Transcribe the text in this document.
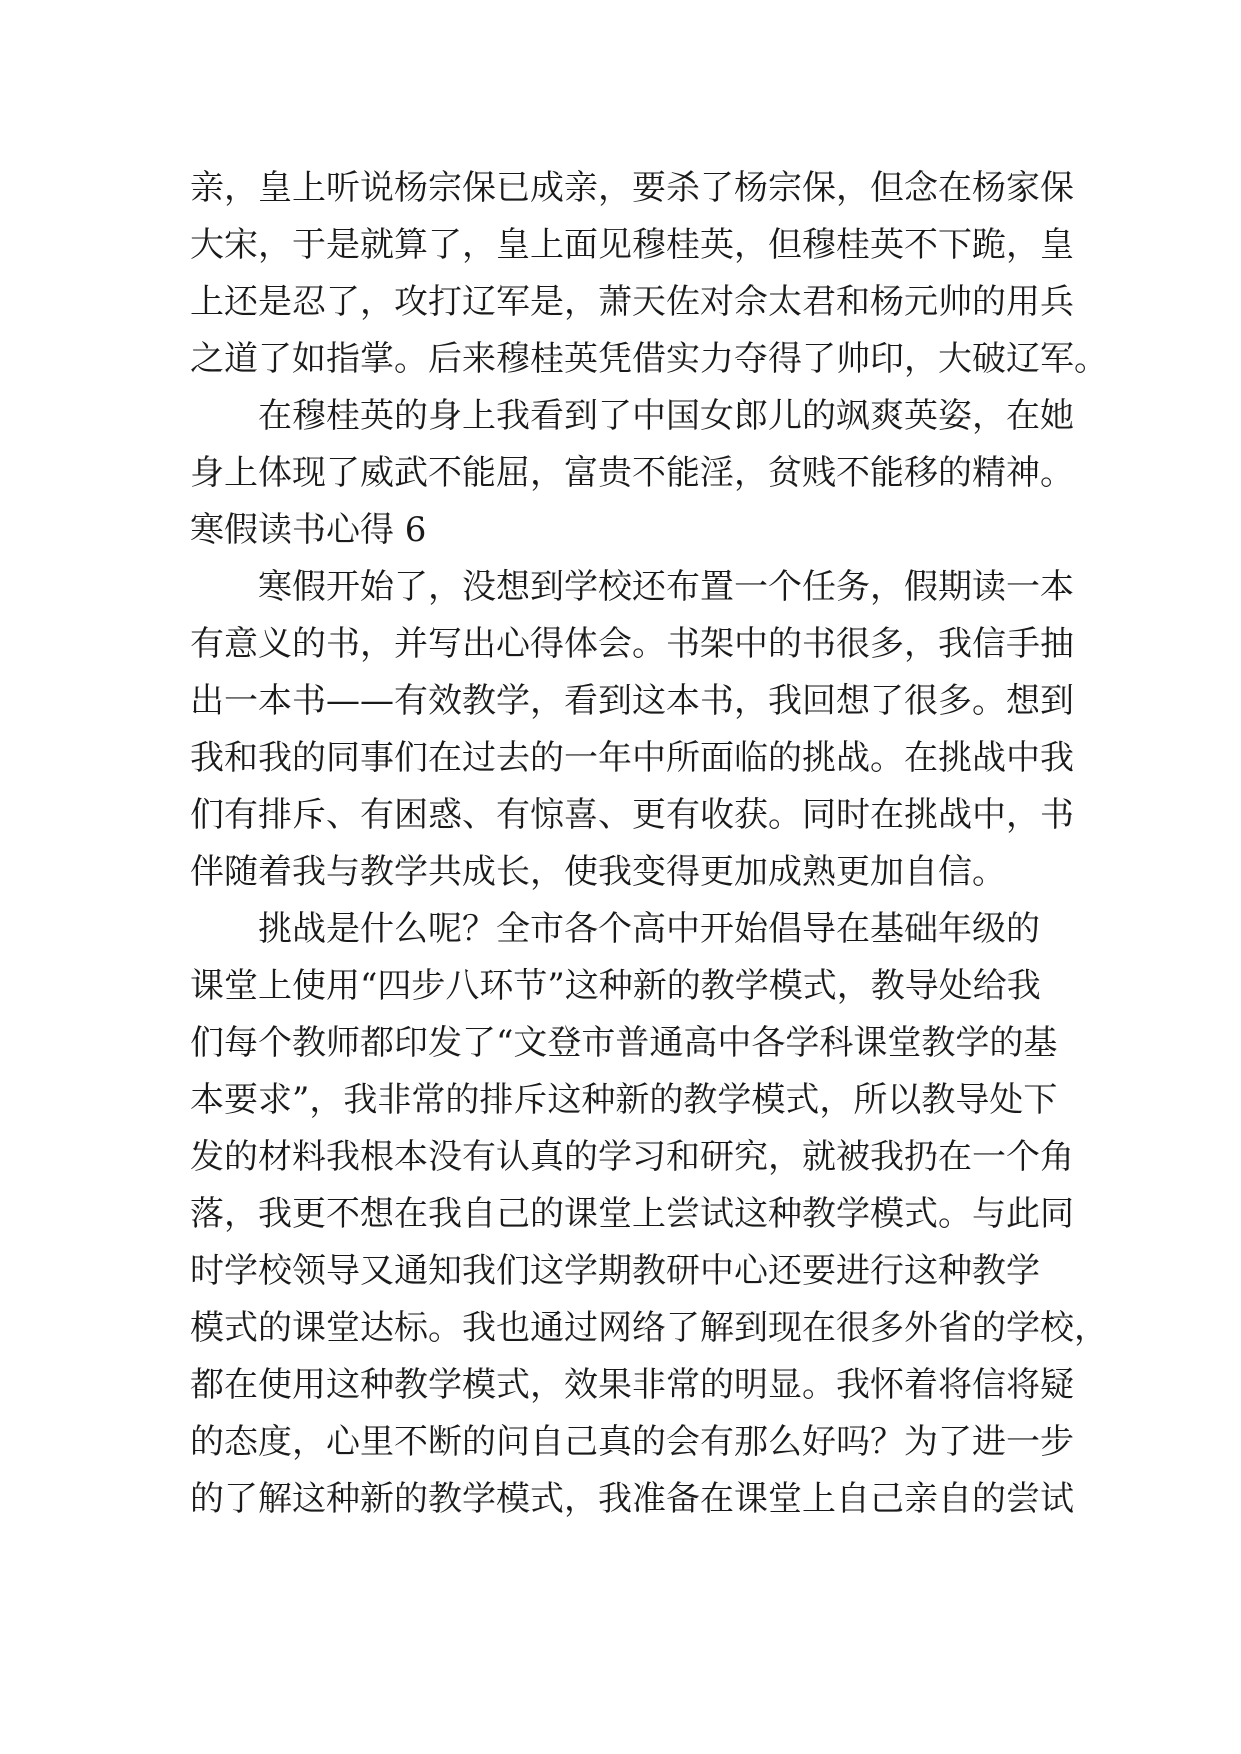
亲，皇上听说杨宗保已成亲，要杀了杨宗保，但念在杨家保
大宋，于是就算了，皇上面见穆桂英，但穆桂英不下跪，皇
上还是忍了，攻打辽军是，萧天佐对佘太君和杨元帅的用兵
之道了如指掌。后来穆桂英凭借实力夺得了帅印，大破辽军。
　　在穆桂英的身上我看到了中国女郎儿的飒爽英姿，在她
身上体现了威武不能屈，富贵不能淫，贫贱不能移的精神。
寒假读书心得 6
　　寒假开始了，没想到学校还布置一个任务，假期读一本
有意义的书，并写出心得体会。书架中的书很多，我信手抽
出一本书——有效教学，看到这本书，我回想了很多。想到
我和我的同事们在过去的一年中所面临的挑战。在挑战中我
们有排斥、有困惑、有惊喜、更有收获。同时在挑战中，书
伴随着我与教学共成长，使我变得更加成熟更加自信。
　　挑战是什么呢？全市各个高中开始倡导在基础年级的
课堂上使用“四步八环节”这种新的教学模式，教导处给我
们每个教师都印发了“文登市普通高中各学科课堂教学的基
本要求”，我非常的排斥这种新的教学模式，所以教导处下
发的材料我根本没有认真的学习和研究，就被我扔在一个角
落，我更不想在我自己的课堂上尝试这种教学模式。与此同
时学校领导又通知我们这学期教研中心还要进行这种教学
模式的课堂达标。我也通过网络了解到现在很多外省的学校，
都在使用这种教学模式，效果非常的明显。我怀着将信将疑
的态度，心里不断的问自己真的会有那么好吗？为了进一步
的了解这种新的教学模式，我准备在课堂上自己亲自的尝试
